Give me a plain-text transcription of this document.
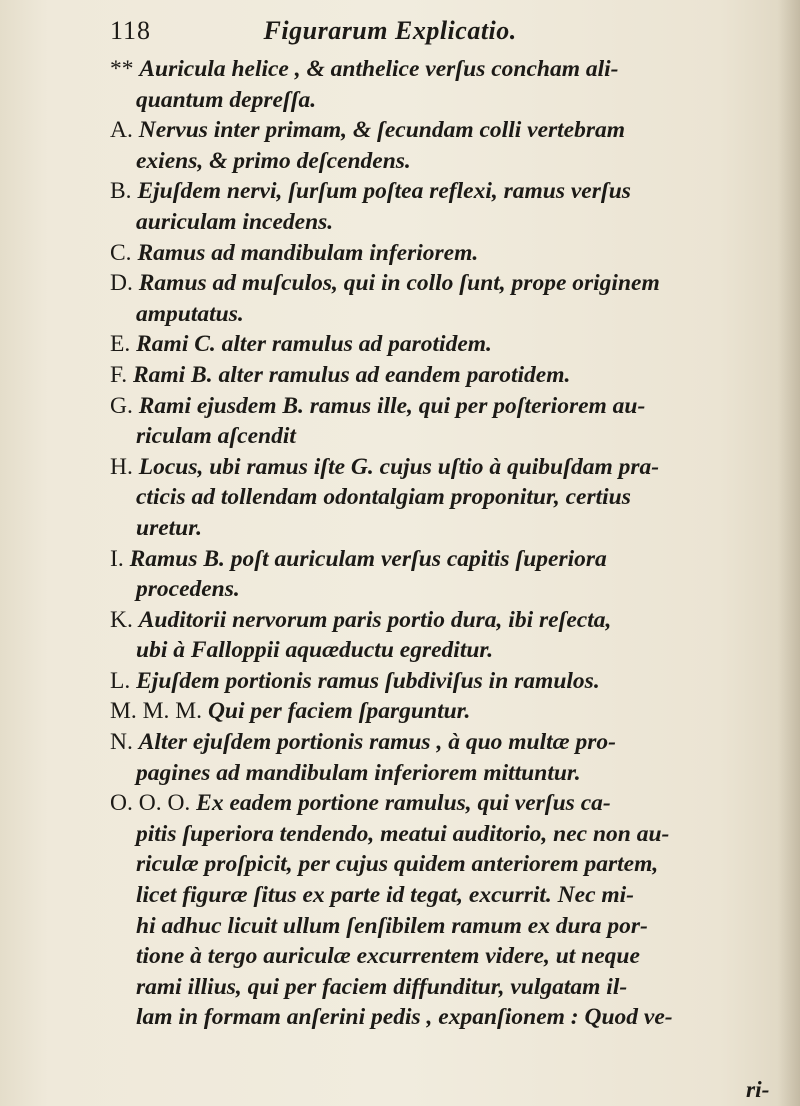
118	Figurarum Explicatio.
** Auricula helice , & anthelice verſus concham ali-
quantum depreſſa.
A. Nervus inter primam, & ſecundam colli vertebram
exiens, & primo deſcendens.
B. Ejuſdem nervi, ſurſum poſtea reflexi, ramus verſus
auriculam incedens.
C. Ramus ad mandibulam inferiorem.
D. Ramus ad muſculos, qui in collo ſunt, prope originem
amputatus.
E. Rami C. alter ramulus ad parotidem.
F. Rami B. alter ramulus ad eandem parotidem.
G. Rami ejusdem B. ramus ille, qui per poſteriorem au-
riculam aſcendit
H. Locus, ubi ramus iſte G. cujus uſtio à quibuſdam pra-
cticis ad tollendam odontalgiam proponitur, certius
uretur.
I. Ramus B. poſt auriculam verſus capitis ſuperiora
procedens.
K. Auditorii nervorum paris portio dura, ibi reſecta,
ubi à Falloppii aquæductu egreditur.
L. Ejuſdem portionis ramus ſubdiviſus in ramulos.
M. M. M. Qui per faciem ſparguntur.
N. Alter ejuſdem portionis ramus , à quo multæ pro-
pagines ad mandibulam inferiorem mittuntur.
O. O. O. Ex eadem portione ramulus, qui verſus ca-
pitis ſuperiora tendendo, meatui auditorio, nec non au-
riculæ proſpicit, per cujus quidem anteriorem partem,
licet figuræ ſitus ex parte id tegat, excurrit. Nec mi-
hi adhuc licuit ullum ſenſibilem ramum ex dura por-
tione à tergo auriculæ excurrentem videre, ut neque
rami illius, qui per faciem diffunditur, vulgatam il-
lam in formam anſerini pedis , expanſionem : Quod ve-
ri-
